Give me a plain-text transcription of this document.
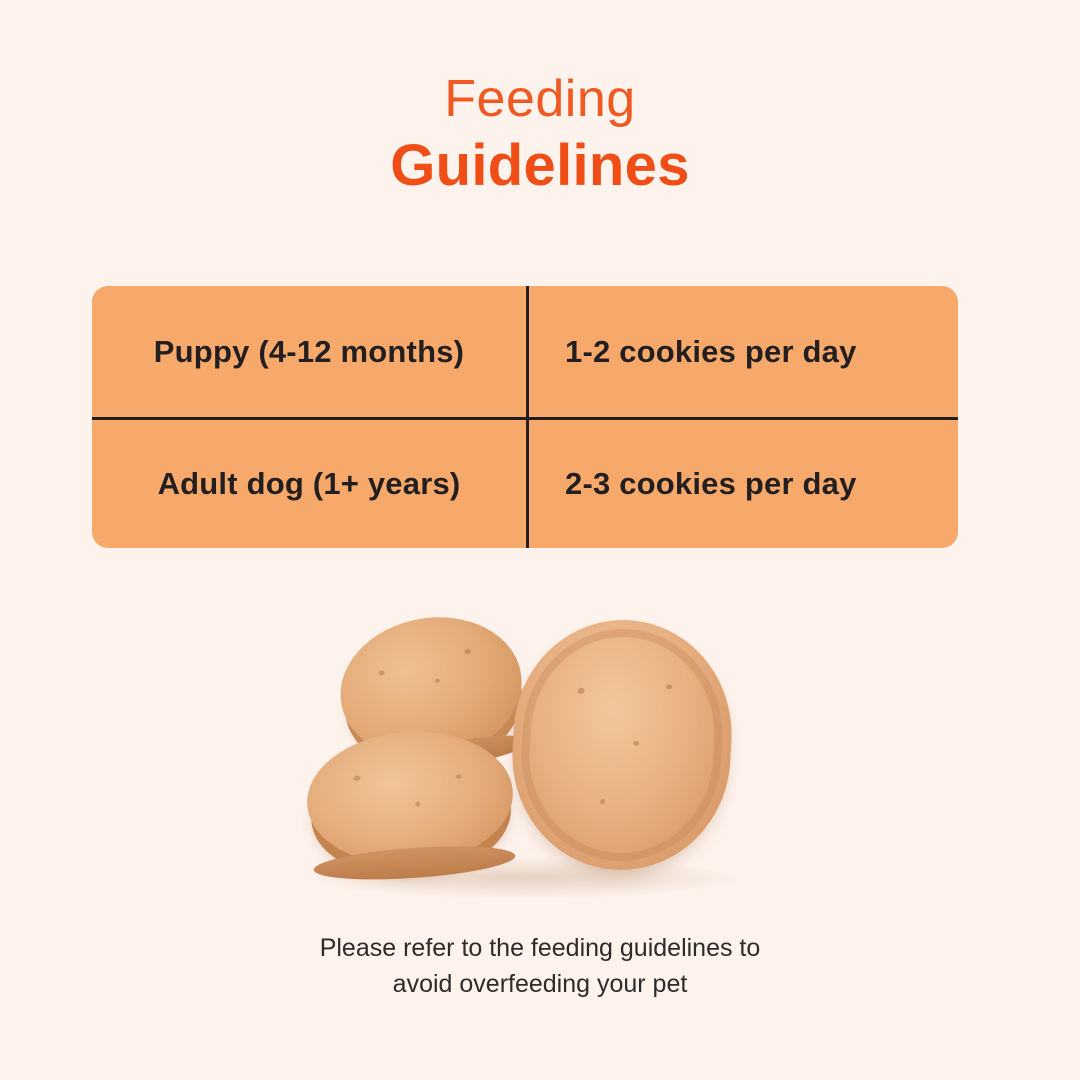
Feeding
Guidelines
Puppy (4-12 months)	1-2 cookies per day
Adult dog (1+ years)	2-3 cookies per day
Please refer to the feeding guidelines to
avoid overfeeding your pet
